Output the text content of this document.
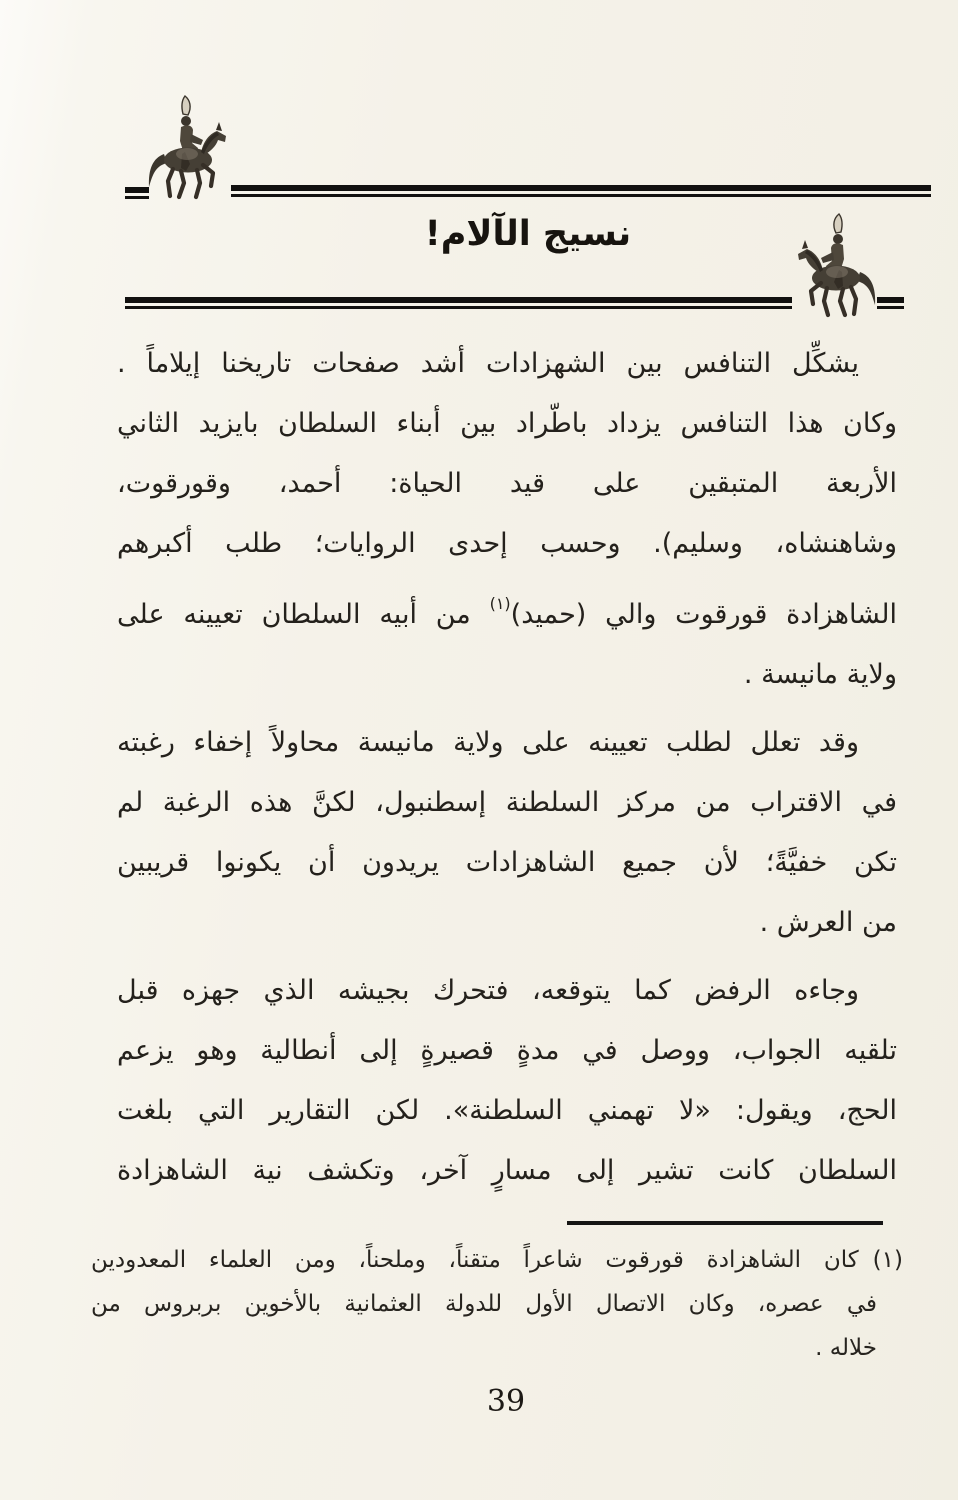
نسيج الآلام!
يشكِّل التنافس بين الشهزادات أشد صفحات تاريخنا إيلاماً .
وكان هذا التنافس يزداد باطّراد بين أبناء السلطان بايزيد الثاني
الأربعة المتبقين على قيد الحياة: أحمد، وقورقوت،
وشاهنشاه، وسليم). وحسب إحدى الروايات؛ طلب أكبرهم
الشاهزادة قورقوت والي (حميد)$^{(١)}$ من أبيه السلطان تعيينه على
ولاية مانيسة .
وقد تعلل لطلب تعيينه على ولاية مانيسة محاولاً إخفاء رغبته
في الاقتراب من مركز السلطنة إسطنبول، لكنَّ هذه الرغبة لم
تكن خفيَّةً؛ لأن جميع الشاهزادات يريدون أن يكونوا قريبين
من العرش .
وجاءه الرفض كما يتوقعه، فتحرك بجيشه الذي جهزه قبل
تلقيه الجواب، ووصل في مدةٍ قصيرةٍ إلى أنطالية وهو يزعم
الحج، ويقول: «لا تهمني السلطنة». لكن التقارير التي بلغت
السلطان كانت تشير إلى مسارٍ آخر، وتكشف نية الشاهزادة
(١)كان الشاهزادة قورقوت شاعراً متقناً، وملحناً، ومن العلماء المعدودين
في عصره، وكان الاتصال الأول للدولة العثمانية بالأخوين بربروس من
خلاله .
39
